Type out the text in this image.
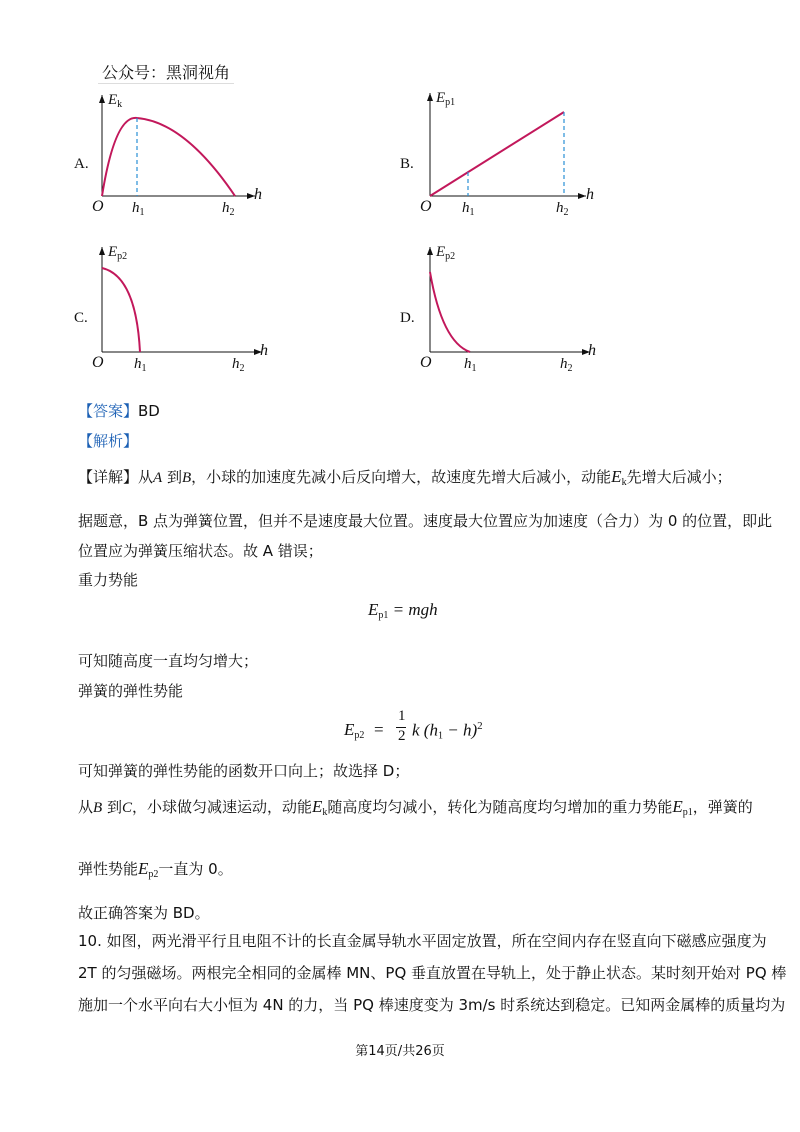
公众号：黑洞视角
A.
$E_k$
O $h_1$	$h_2$
h
B.
$E_{p1}$
O $h_1$	$h_2$
h
C.
$E_{p2}$
O $h_1$	$h_2$
h
D.
$E_{p2}$
O $h_1$	$h_2$
h
【答案】BD
【解析】
【详解】从A 到B，小球的加速度先减小后反向增大，故速度先增大后减小，动能$E_k$先增大后减小；
据题意，B 点为弹簧位置，但并不是速度最大位置。速度最大位置应为加速度（合力）为 0 的位置，即此
位置应为弹簧压缩状态。故 A 错误；
重力势能
$E_{p1}$ = mgh
可知随高度一直均匀增大；
弹簧的弹性势能
$E_{p2}$ =
1
2 k $(h_1 - h)^2$
可知弹簧的弹性势能的函数开口向上；故选择 D；
从B 到C，小球做匀减速运动，动能$E_k$随高度均匀减小，转化为随高度均匀增加的重力势能$E_{p1}$，弹簧的
弹性势能$E_{p2}$一直为 0。
故正确答案为 BD。
10. 如图，两光滑平行且电阻不计的长直金属导轨水平固定放置，所在空间内存在竖直向下磁感应强度为
2T 的匀强磁场。两根完全相同的金属棒 MN、PQ 垂直放置在导轨上，处于静止状态。某时刻开始对 PQ 棒
施加一个水平向右大小恒为 4N 的力，当 PQ 棒速度变为 3m/s 时系统达到稳定。已知两金属棒的质量均为
第14页/共26页
